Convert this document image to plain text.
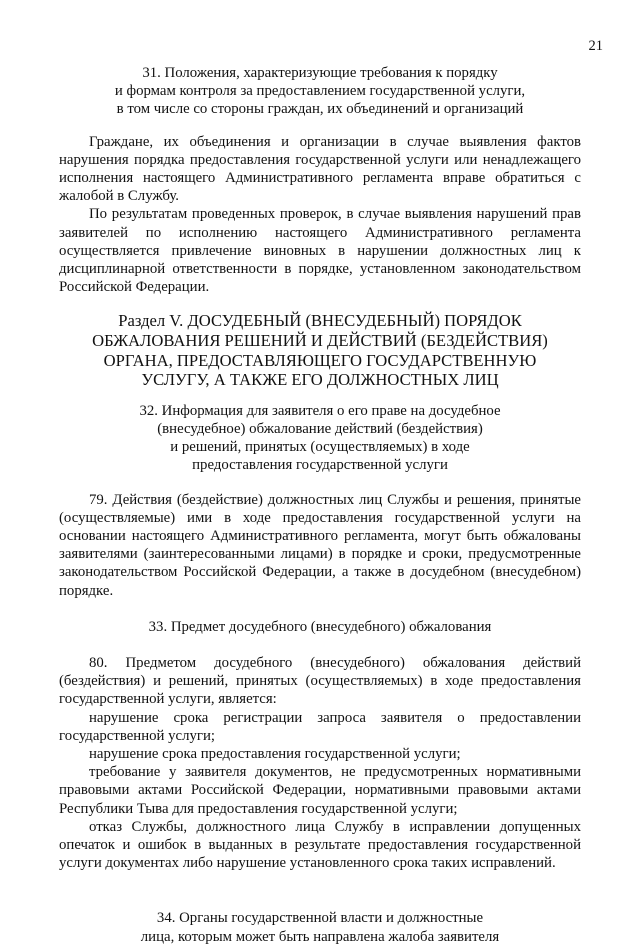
21
31. Положения, характеризующие требования к порядку
и формам контроля за предоставлением государственной услуги,
в том числе со стороны граждан, их объединений и организаций

Граждане, их объединения и организации в случае выявления фактов нарушения порядка предоставления государственной услуги или ненадлежащего исполнения настоящего Административного регламента вправе обратиться с жалобой в Службу.

По результатам проведенных проверок, в случае выявления нарушений прав заявителей по исполнению настоящего Административного регламента осуществляется привлечение виновных в нарушении должностных лиц к дисциплинарной ответственности в порядке, установленном законодательством Российской Федерации.

Раздел V. ДОСУДЕБНЫЙ (ВНЕСУДЕБНЫЙ) ПОРЯДОК
ОБЖАЛОВАНИЯ РЕШЕНИЙ И ДЕЙСТВИЙ (БЕЗДЕЙСТВИЯ)
ОРГАНА, ПРЕДОСТАВЛЯЮЩЕГО ГОСУДАРСТВЕННУЮ
УСЛУГУ, А ТАКЖЕ ЕГО ДОЛЖНОСТНЫХ ЛИЦ
32. Информация для заявителя о его праве на досудебное
(внесудебное) обжалование действий (бездействия)
и решений, принятых (осуществляемых) в ходе
предоставления государственной услуги

79. Действия (бездействие) должностных лиц Службы и решения, принятые (осуществляемые) ими в ходе предоставления государственной услуги на основании настоящего Административного регламента, могут быть обжалованы заявителями (заинтересованными лицами) в порядке и сроки, предусмотренные законодательством Российской Федерации, а также в досудебном (внесудебном) порядке.

33. Предмет досудебного (внесудебного) обжалования

80. Предметом досудебного (внесудебного) обжалования действий (бездействия) и решений, принятых (осуществляемых) в ходе предоставления государственной услуги, является:

нарушение срока регистрации запроса заявителя о предоставлении государственной услуги;

нарушение срока предоставления государственной услуги;

требование у заявителя документов, не предусмотренных нормативными правовыми актами Российской Федерации, нормативными правовыми актами Республики Тыва для предоставления государственной услуги;

отказ Службы, должностного лица Службу в исправлении допущенных опечаток и ошибок в выданных в результате предоставления государственной услуги документах либо нарушение установленного срока таких исправлений.

34. Органы государственной власти и должностные
лица, которым может быть направлена жалоба заявителя
